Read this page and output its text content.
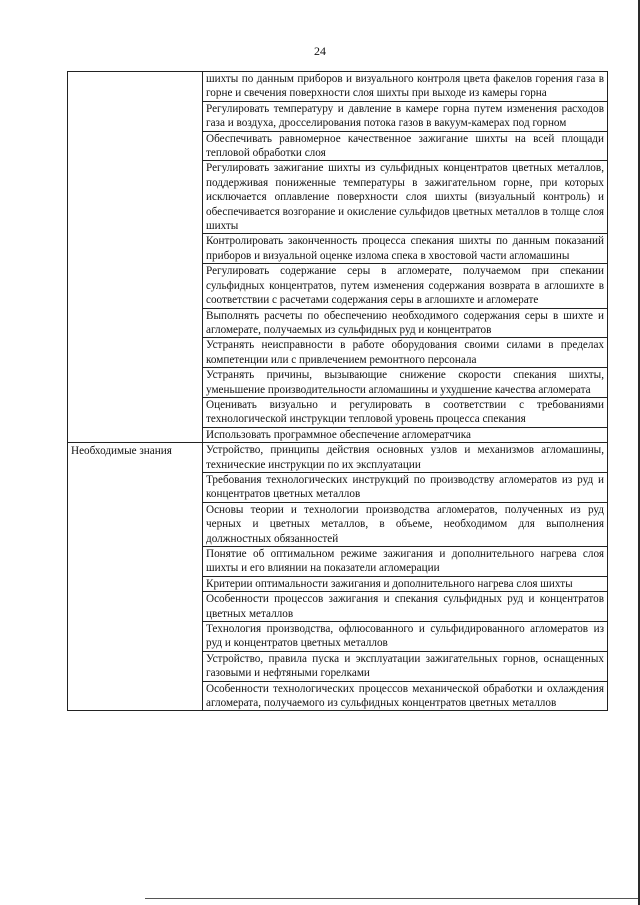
24
шихты по данным приборов и визуального контроля цвета факелов горения газа в горне и свечения поверхности слоя шихты при выходе из камеры горна
Регулировать температуру и давление в камере горна путем изменения расходов газа и воздуха, дросселирования потока газов в вакуум-камерах под горном
Обеспечивать равномерное качественное зажигание шихты на всей площади тепловой обработки слоя
Регулировать зажигание шихты из сульфидных концентратов цветных металлов, поддерживая пониженные температуры в зажигательном горне, при которых исключается оплавление поверхности слоя шихты (визуальный контроль) и обеспечивается возгорание и окисление сульфидов цветных металлов в толще слоя шихты
Контролировать законченность процесса спекания шихты по данным показаний приборов и визуальной оценке излома спека в хвостовой части агломашины
Регулировать содержание серы в агломерате, получаемом при спекании сульфидных концентратов, путем изменения содержания возврата в аглошихте в соответствии с расчетами содержания серы в аглошихте и агломерате
Выполнять расчеты по обеспечению необходимого содержания серы в шихте и агломерате, получаемых из сульфидных руд и концентратов
Устранять неисправности в работе оборудования своими силами в пределах компетенции или с привлечением ремонтного персонала
Устранять причины, вызывающие снижение скорости спекания шихты, уменьшение производительности агломашины и ухудшение качества агломерата
Оценивать визуально и регулировать в соответствии с требованиями технологической инструкции тепловой уровень процесса спекания
Использовать программное обеспечение агломератчика
Необходимые знания	Устройство, принципы действия основных узлов и механизмов агломашины, технические инструкции по их эксплуатации
Требования технологических инструкций по производству агломератов из руд и концентратов цветных металлов
Основы теории и технологии производства агломератов, полученных из руд черных и цветных металлов, в объеме, необходимом для выполнения должностных обязанностей
Понятие об оптимальном режиме зажигания и дополнительного нагрева слоя шихты и его влиянии на показатели агломерации
Критерии оптимальности зажигания и дополнительного нагрева слоя шихты
Особенности процессов зажигания и спекания сульфидных руд и концентратов цветных металлов
Технология производства, офлюсованного и сульфидированного агломератов из руд и концентратов цветных металлов
Устройство, правила пуска и эксплуатации зажигательных горнов, оснащенных газовыми и нефтяными горелками
Особенности технологических процессов механической обработки и охлаждения агломерата, получаемого из сульфидных концентратов цветных металлов
